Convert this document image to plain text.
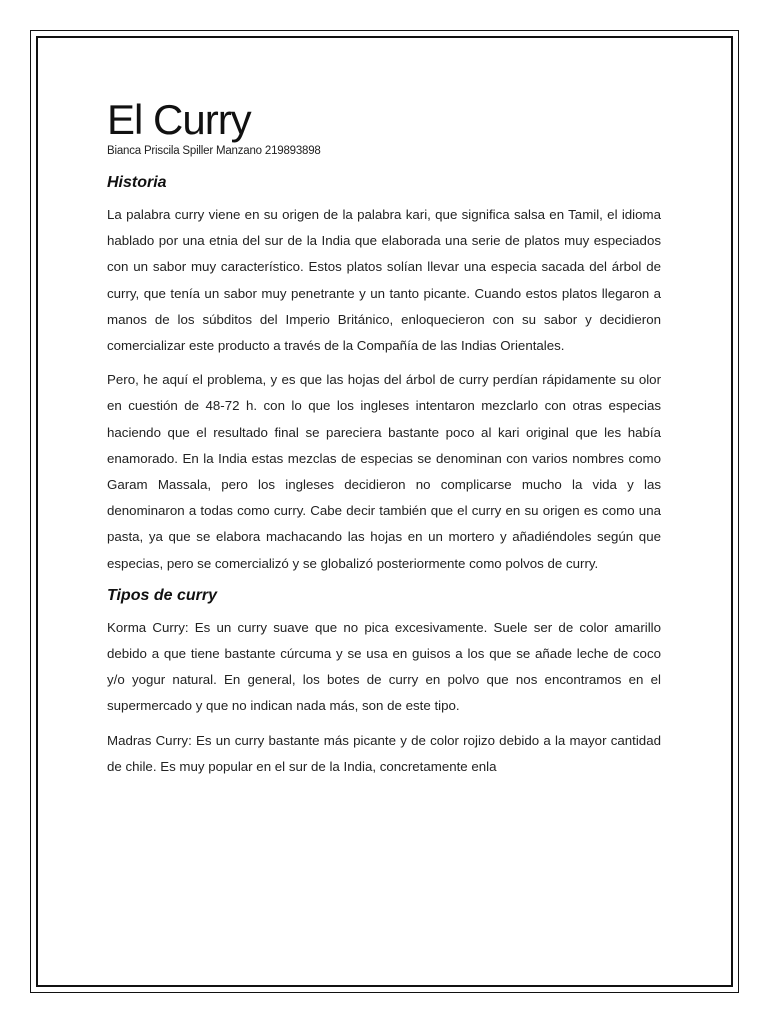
El Curry

Bianca Priscila Spiller Manzano 219893898

Historia

La palabra curry viene en su origen de la palabra kari, que significa salsa en Tamil, el idioma hablado por una etnia del sur de la India que elaborada una serie de platos muy especiados con un sabor muy característico. Estos platos solían llevar una especia sacada del árbol de curry, que tenía un sabor muy penetrante y un tanto picante. Cuando estos platos llegaron a manos de los súbditos del Imperio Británico, enloquecieron con su sabor y decidieron comercializar este producto a través de la Compañía de las Indias Orientales.

Pero, he aquí el problema, y es que las hojas del árbol de curry perdían rápidamente su olor en cuestión de 48-72 h. con lo que los ingleses intentaron mezclarlo con otras especias haciendo que el resultado final se pareciera bastante poco al kari original que les había enamorado. En la India estas mezclas de especias se denominan con varios nombres como Garam Massala, pero los ingleses decidieron no complicarse mucho la vida y las denominaron a todas como curry. Cabe decir también que el curry en su origen es como una pasta, ya que se elabora machacando las hojas en un mortero y añadiéndoles según que especias, pero se comercializó y se globalizó posteriormente como polvos de curry.

Tipos de curry

Korma Curry: Es un curry suave que no pica excesivamente. Suele ser de color amarillo debido a que tiene bastante cúrcuma y se usa en guisos a los que se añade leche de coco y/o yogur natural. En general, los botes de curry en polvo que nos encontramos en el supermercado y que no indican nada más, son de este tipo.

Madras Curry: Es un curry bastante más picante y de color rojizo debido a la mayor cantidad de chile. Es muy popular en el sur de la India, concretamente enla
